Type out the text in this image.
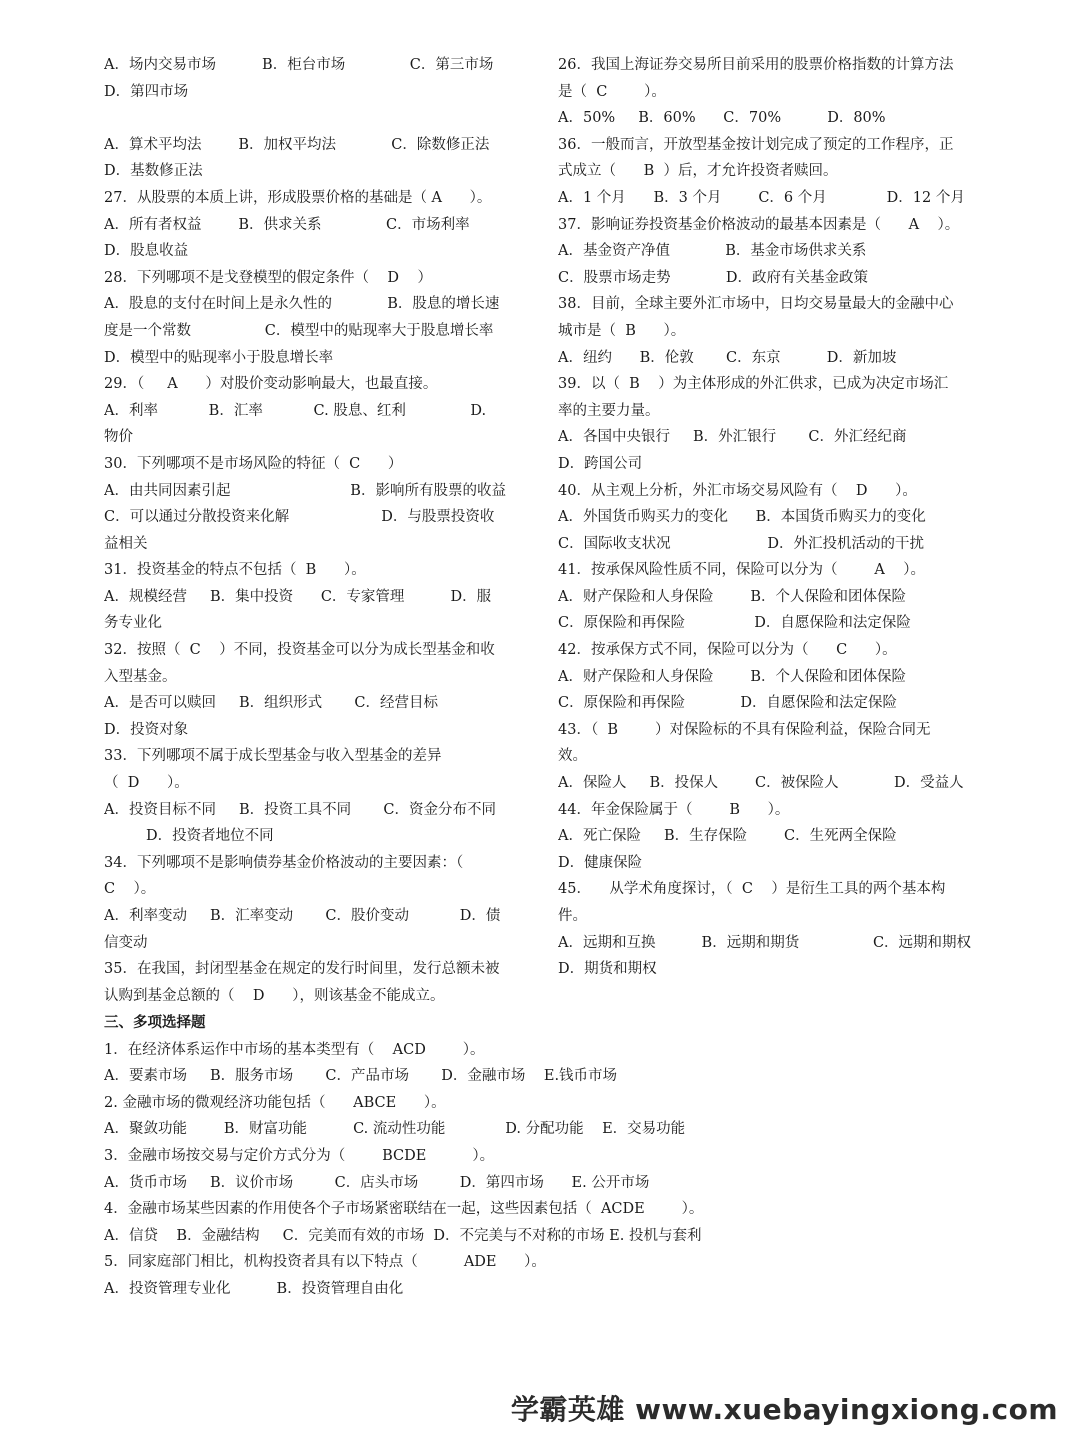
A．场内交易市场          B．柜台市场              C．第三市场
D．第四市场
A．算术平均法        B．加权平均法            C．除数修正法
D．基数修正法
27．从股票的本质上讲，形成股票价格的基础是（ A      ）。
A．所有者权益        B．供求关系              C．市场利率
D．股息收益
28．下列哪项不是戈登模型的假定条件（    D    ）
A．股息的支付在时间上是永久性的            B．股息的增长速
度是一个常数                C．模型中的贴现率大于股息增长率
D．模型中的贴现率小于股息增长率
29．（     A      ）对股价变动影响最大，也最直接。
A．利率           B．汇率           C. 股息、红利              D.
物价
30．下列哪项不是市场风险的特征（  C      ）
A．由共同因素引起                          B．影响所有股票的收益
C．可以通过分散投资来化解                    D．与股票投资收
益相关
31．投资基金的特点不包括（  B      ）。
A．规模经营     B．集中投资      C．专家管理          D．服
务专业化
32．按照（  C    ）不同，投资基金可以分为成长型基金和收
入型基金。
A．是否可以赎回     B．组织形式       C．经营目标
D．投资对象
33．下列哪项不属于成长型基金与收入型基金的差异
（  D      ）。
A．投资目标不同     B．投资工具不同       C．资金分布不同
D．投资者地位不同
34．下列哪项不是影响债券基金价格波动的主要因素：（
C    ）。
A．利率变动     B．汇率变动       C．股价变动           D．债
信变动
35．在我国，封闭型基金在规定的发行时间里，发行总额未被
认购到基金总额的（    D      ），则该基金不能成立。
26．我国上海证券交易所目前采用的股票价格指数的计算方法
是（  C        ）。
A．50%     B．60%      C．70%          D．80%
36．一般而言，开放型基金按计划完成了预定的工作程序，正
式成立（      B  ）后，才允许投资者赎回。
A．1 个月      B．3 个月        C．6 个月             D．12 个月
37．影响证券投资基金价格波动的最基本因素是（      A    ）。
A．基金资产净值            B．基金市场供求关系
C．股票市场走势            D．政府有关基金政策
38．目前，全球主要外汇市场中，日均交易量最大的金融中心
城市是（  B      ）。
A．纽约      B．伦敦       C．东京          D．新加坡
39．以（  B    ）为主体形成的外汇供求，已成为决定市场汇
率的主要力量。
A．各国中央银行     B．外汇银行       C．外汇经纪商
D．跨国公司
40．从主观上分析，外汇市场交易风险有（    D      ）。
A．外国货币购买力的变化      B．本国货币购买力的变化
C．国际收支状况                     D．外汇投机活动的干扰
41．按承保风险性质不同，保险可以分为（        A    ）。
A．财产保险和人身保险        B．个人保险和团体保险
C．原保险和再保险               D．自愿保险和法定保险
42．按承保方式不同，保险可以分为（      C      ）。
A．财产保险和人身保险        B．个人保险和团体保险
C．原保险和再保险            D．自愿保险和法定保险
43．（  B        ）对保险标的不具有保险利益，保险合同无
效。
A．保险人     B．投保人        C．被保险人            D．受益人
44．年金保险属于（        B      ）。
A．死亡保险     B．生存保险        C．生死两全保险
D．健康保险
45．    从学术角度探讨，（  C    ）是衍生工具的两个基本构
件。
A．远期和互换          B．远期和期货                C．远期和期权
D．期货和期权
三、多项选择题
1．在经济体系运作中市场的基本类型有（    ACD        ）。
A．要素市场     B．服务市场       C．产品市场       D．金融市场    E.钱币市场
2. 金融市场的微观经济功能包括（      ABCE      ）。
A．聚敛功能        B．财富功能          C. 流动性功能             D. 分配功能    E．交易功能
3．金融市场按交易与定价方式分为（        BCDE          ）。
A．货币市场     B．议价市场         C．店头市场         D．第四市场      E. 公开市场
4．金融市场某些因素的作用使各个子市场紧密联结在一起，这些因素包括（  ACDE        ）。
A．信贷    B．金融结构     C．完美而有效的市场  D．不完美与不对称的市场 E. 投机与套利
5．同家庭部门相比，机构投资者具有以下特点（          ADE      ）。
A．投资管理专业化          B．投资管理自由化
学霸英雄 www.xuebayingxiong.com
